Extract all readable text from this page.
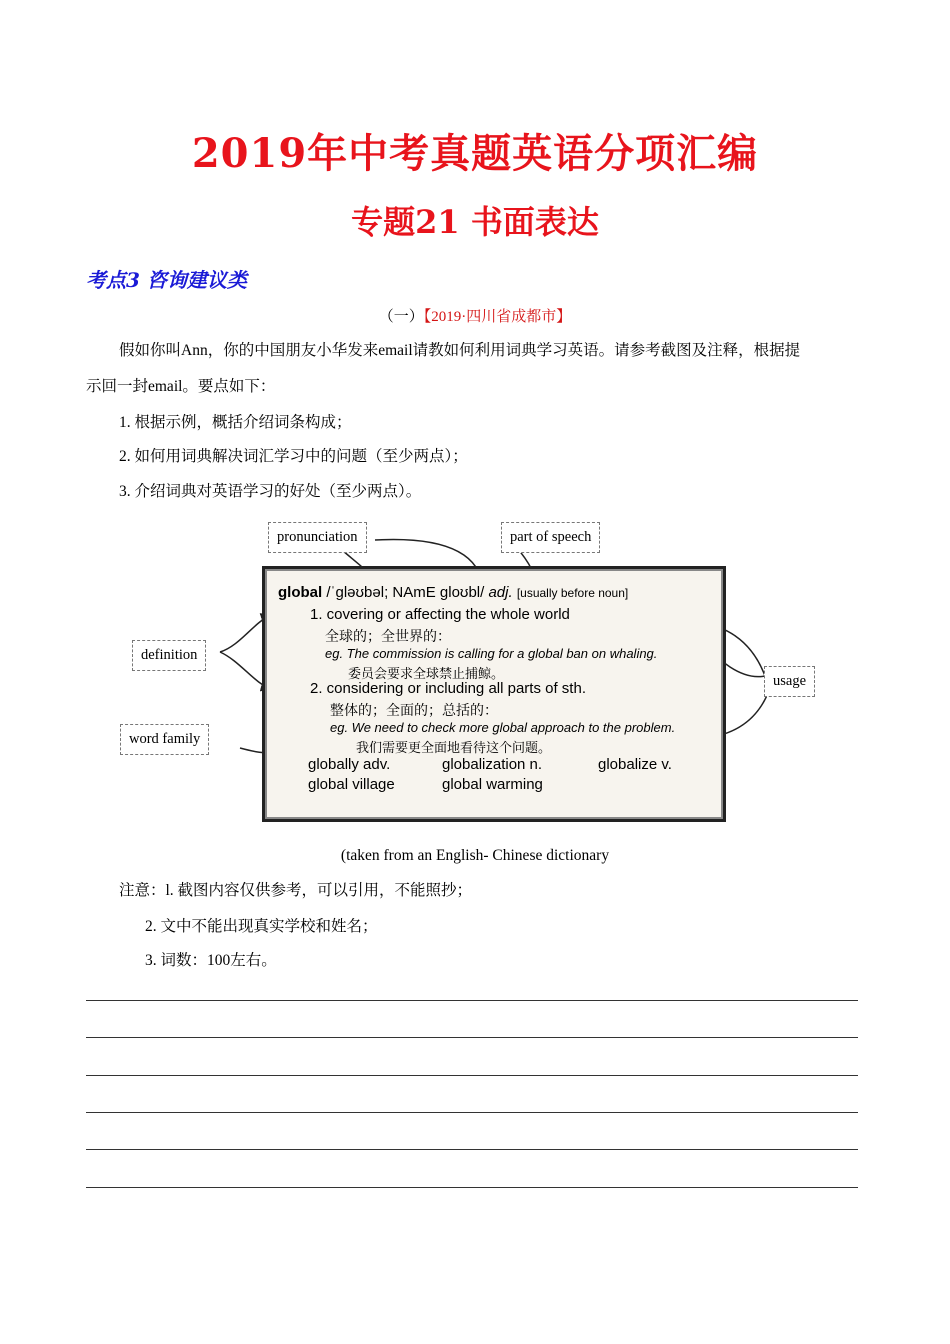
2019年中考真题英语分项汇编
专题21 书面表达
考点3 咨询建议类
（一）【2019·四川省成都市】
假如你叫Ann，你的中国朋友小华发来email请教如何利用词典学习英语。请参考截图及注释，根据提
示回一封email。要点如下：
1. 根据示例，概括介绍词条构成；
2. 如何用词典解决词汇学习中的问题（至少两点）；
3. 介绍词典对英语学习的好处（至少两点）。
pronunciation	part of speech
definition
usage
word family
global /ˈɡləʊbəl; NAmE ɡloʊbl/ adj. [usually before noun]
1. covering or affecting the whole world
全球的；全世界的：
eg. The commission is calling for a global ban on whaling.
委员会要求全球禁止捕鲸。
2. considering or including all parts of sth.
整体的；全面的；总括的：
eg. We need to check more global approach to the problem.
我们需要更全面地看待这个问题。
globally adv.	globalization n.	globalize v.
global village	global warming
(taken from an English- Chinese dictionary
注意：l. 截图内容仅供参考，可以引用，不能照抄；
2. 文中不能出现真实学校和姓名；
3. 词数：100左右。
